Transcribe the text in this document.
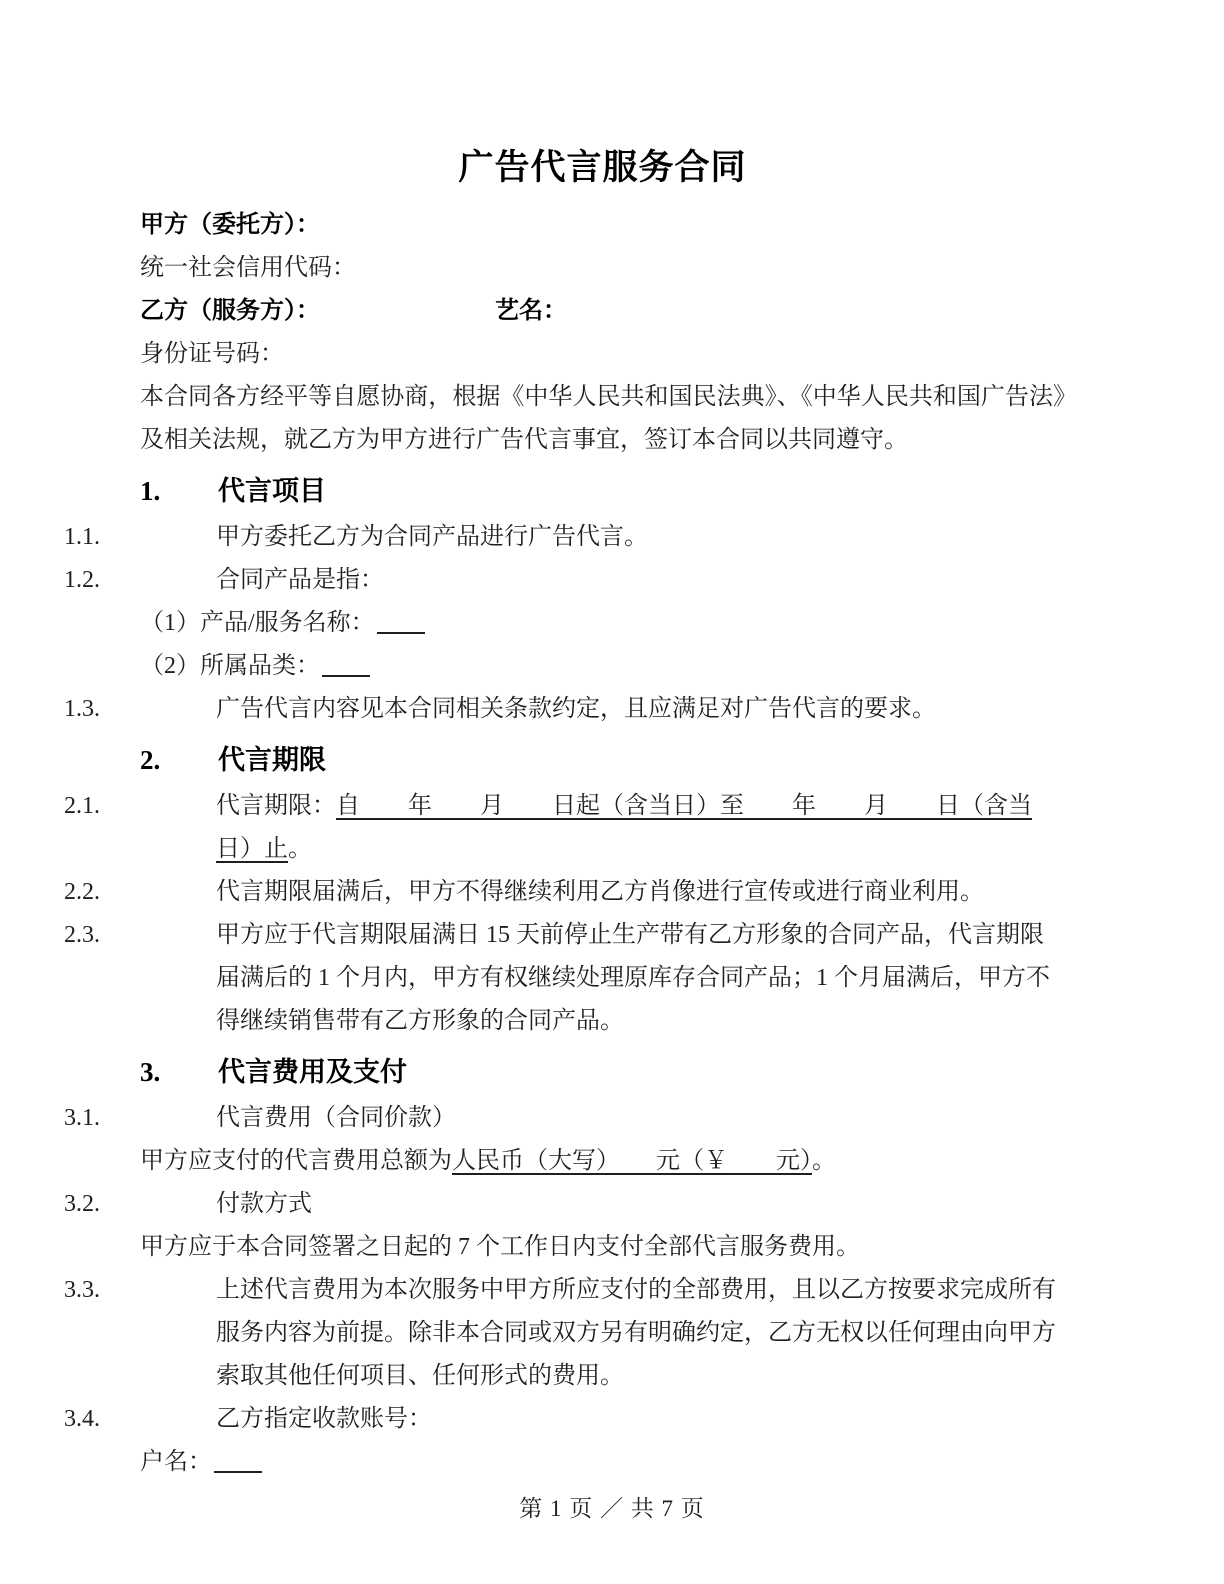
广告代言服务合同
甲方（委托方）：
统一社会信用代码：
乙方（服务方）：	艺名：
身份证号码：
本合同各方经平等自愿协商，根据《中华人民共和国民法典》、《中华人民共和国广告法》及相关法规，就乙方为甲方进行广告代言事宜，签订本合同以共同遵守。
1. 代言项目
1.1.	甲方委托乙方为合同产品进行广告代言。
1.2.	合同产品是指：
（1）产品/服务名称：
（2）所属品类：
1.3.	广告代言内容见本合同相关条款约定，且应满足对广告代言的要求。
2. 代言期限
2.1.	代言期限：自　　年　　月　　日起（含当日）至　　年　　月　　日（含当日）止。
2.2.	代言期限届满后，甲方不得继续利用乙方肖像进行宣传或进行商业利用。
2.3.	甲方应于代言期限届满日 15 天前停止生产带有乙方形象的合同产品，代言期限届满后的 1 个月内，甲方有权继续处理原库存合同产品；1 个月届满后，甲方不得继续销售带有乙方形象的合同产品。
3. 代言费用及支付
3.1.	代言费用（合同价款）
甲方应支付的代言费用总额为人民币（大写）　　元（￥　　元）。
3.2.	付款方式
甲方应于本合同签署之日起的 7 个工作日内支付全部代言服务费用。
3.3.	上述代言费用为本次服务中甲方所应支付的全部费用，且以乙方按要求完成所有服务内容为前提。除非本合同或双方另有明确约定，乙方无权以任何理由向甲方索取其他任何项目、任何形式的费用。
3.4.	乙方指定收款账号：
户名：
第 1 页 ／ 共 7 页
